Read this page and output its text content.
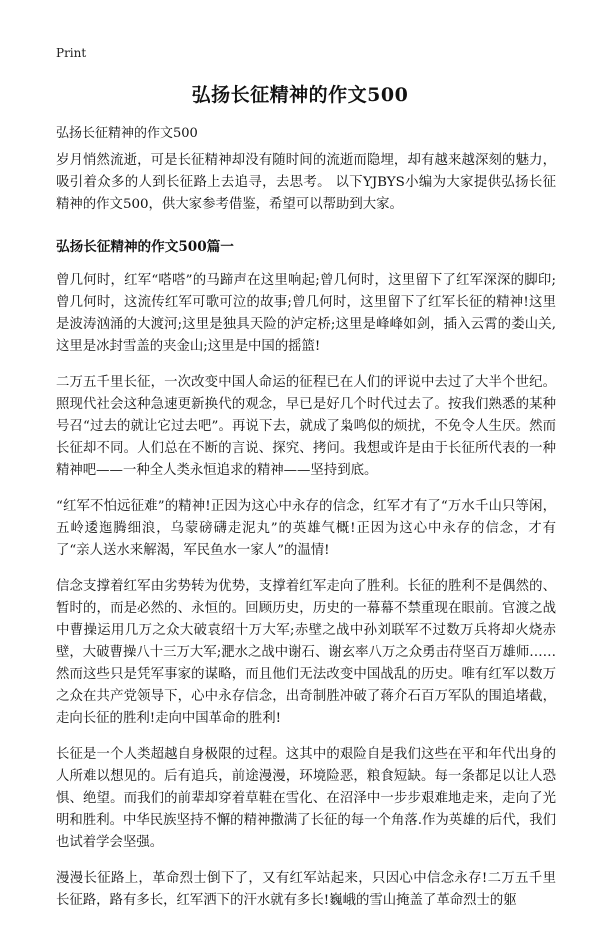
Print
弘扬长征精神的作文500
弘扬长征精神的作文500

岁月悄然流逝，可是长征精神却没有随时间的流逝而隐埋，却有越来越深刻的魅力，吸引着众多的人到长征路上去追寻，去思考。 以下YJBYS小编为大家提供弘扬长征精神的作文500，供大家参考借鉴，希望可以帮助到大家。

弘扬长征精神的作文500篇一

曾几何时，红军“嗒嗒”的马蹄声在这里响起;曾几何时，这里留下了红军深深的脚印;曾几何时，这流传红军可歌可泣的故事;曾几何时，这里留下了红军长征的精神!这里是波涛汹涌的大渡河;这里是独具天险的泸定桥;这里是峰峰如剑，插入云霄的娄山关,这里是冰封雪盖的夹金山;这里是中国的摇篮!

二万五千里长征，一次改变中国人命运的征程已在人们的评说中去过了大半个世纪。照现代社会这种急速更新换代的观念，早已是好几个时代过去了。按我们熟悉的某种号召“过去的就让它过去吧”。再说下去，就成了枭鸣似的烦扰，不免令人生厌。然而长征却不同。人们总在不断的言说、探究、拷问。我想或许是由于长征所代表的一种精神吧——一种全人类永恒追求的精神——坚持到底。

“红军不怕远征难”的精神!正因为这心中永存的信念，红军才有了“万水千山只等闲，五岭逶迤腾细浪，乌蒙磅礴走泥丸”的英雄气概!正因为这心中永存的信念，才有了“亲人送水来解渴，军民鱼水一家人”的温情!

信念支撑着红军由劣势转为优势，支撑着红军走向了胜利。长征的胜利不是偶然的、暂时的，而是必然的、永恒的。回顾历史，历史的一幕幕不禁重现在眼前。官渡之战中曹操运用几万之众大破袁绍十万大军;赤壁之战中孙刘联军不过数万兵将却火烧赤壁，大破曹操八十三万大军;淝水之战中谢石、谢玄率八万之众勇击苻坚百万雄师……然而这些只是凭军事家的谋略，而且他们无法改变中国战乱的历史。唯有红军以数万之众在共产党领导下，心中永存信念，出奇制胜冲破了蒋介石百万军队的围追堵截，走向长征的胜利!走向中国革命的胜利!

长征是一个人类超越自身极限的过程。这其中的艰险自是我们这些在平和年代出身的人所难以想见的。后有追兵，前途漫漫，环境险恶，粮食短缺。每一条都足以让人恐惧、绝望。而我们的前辈却穿着草鞋在雪化、在沼泽中一步步艰难地走来，走向了光明和胜利。中华民族坚持不懈的精神撒满了长征的每一个角落.作为英雄的后代，我们也试着学会坚强。

漫漫长征路上，革命烈士倒下了，又有红军站起来，只因心中信念永存!二万五千里长征路，路有多长，红军洒下的汗水就有多长!巍峨的雪山掩盖了革命烈士的躯
